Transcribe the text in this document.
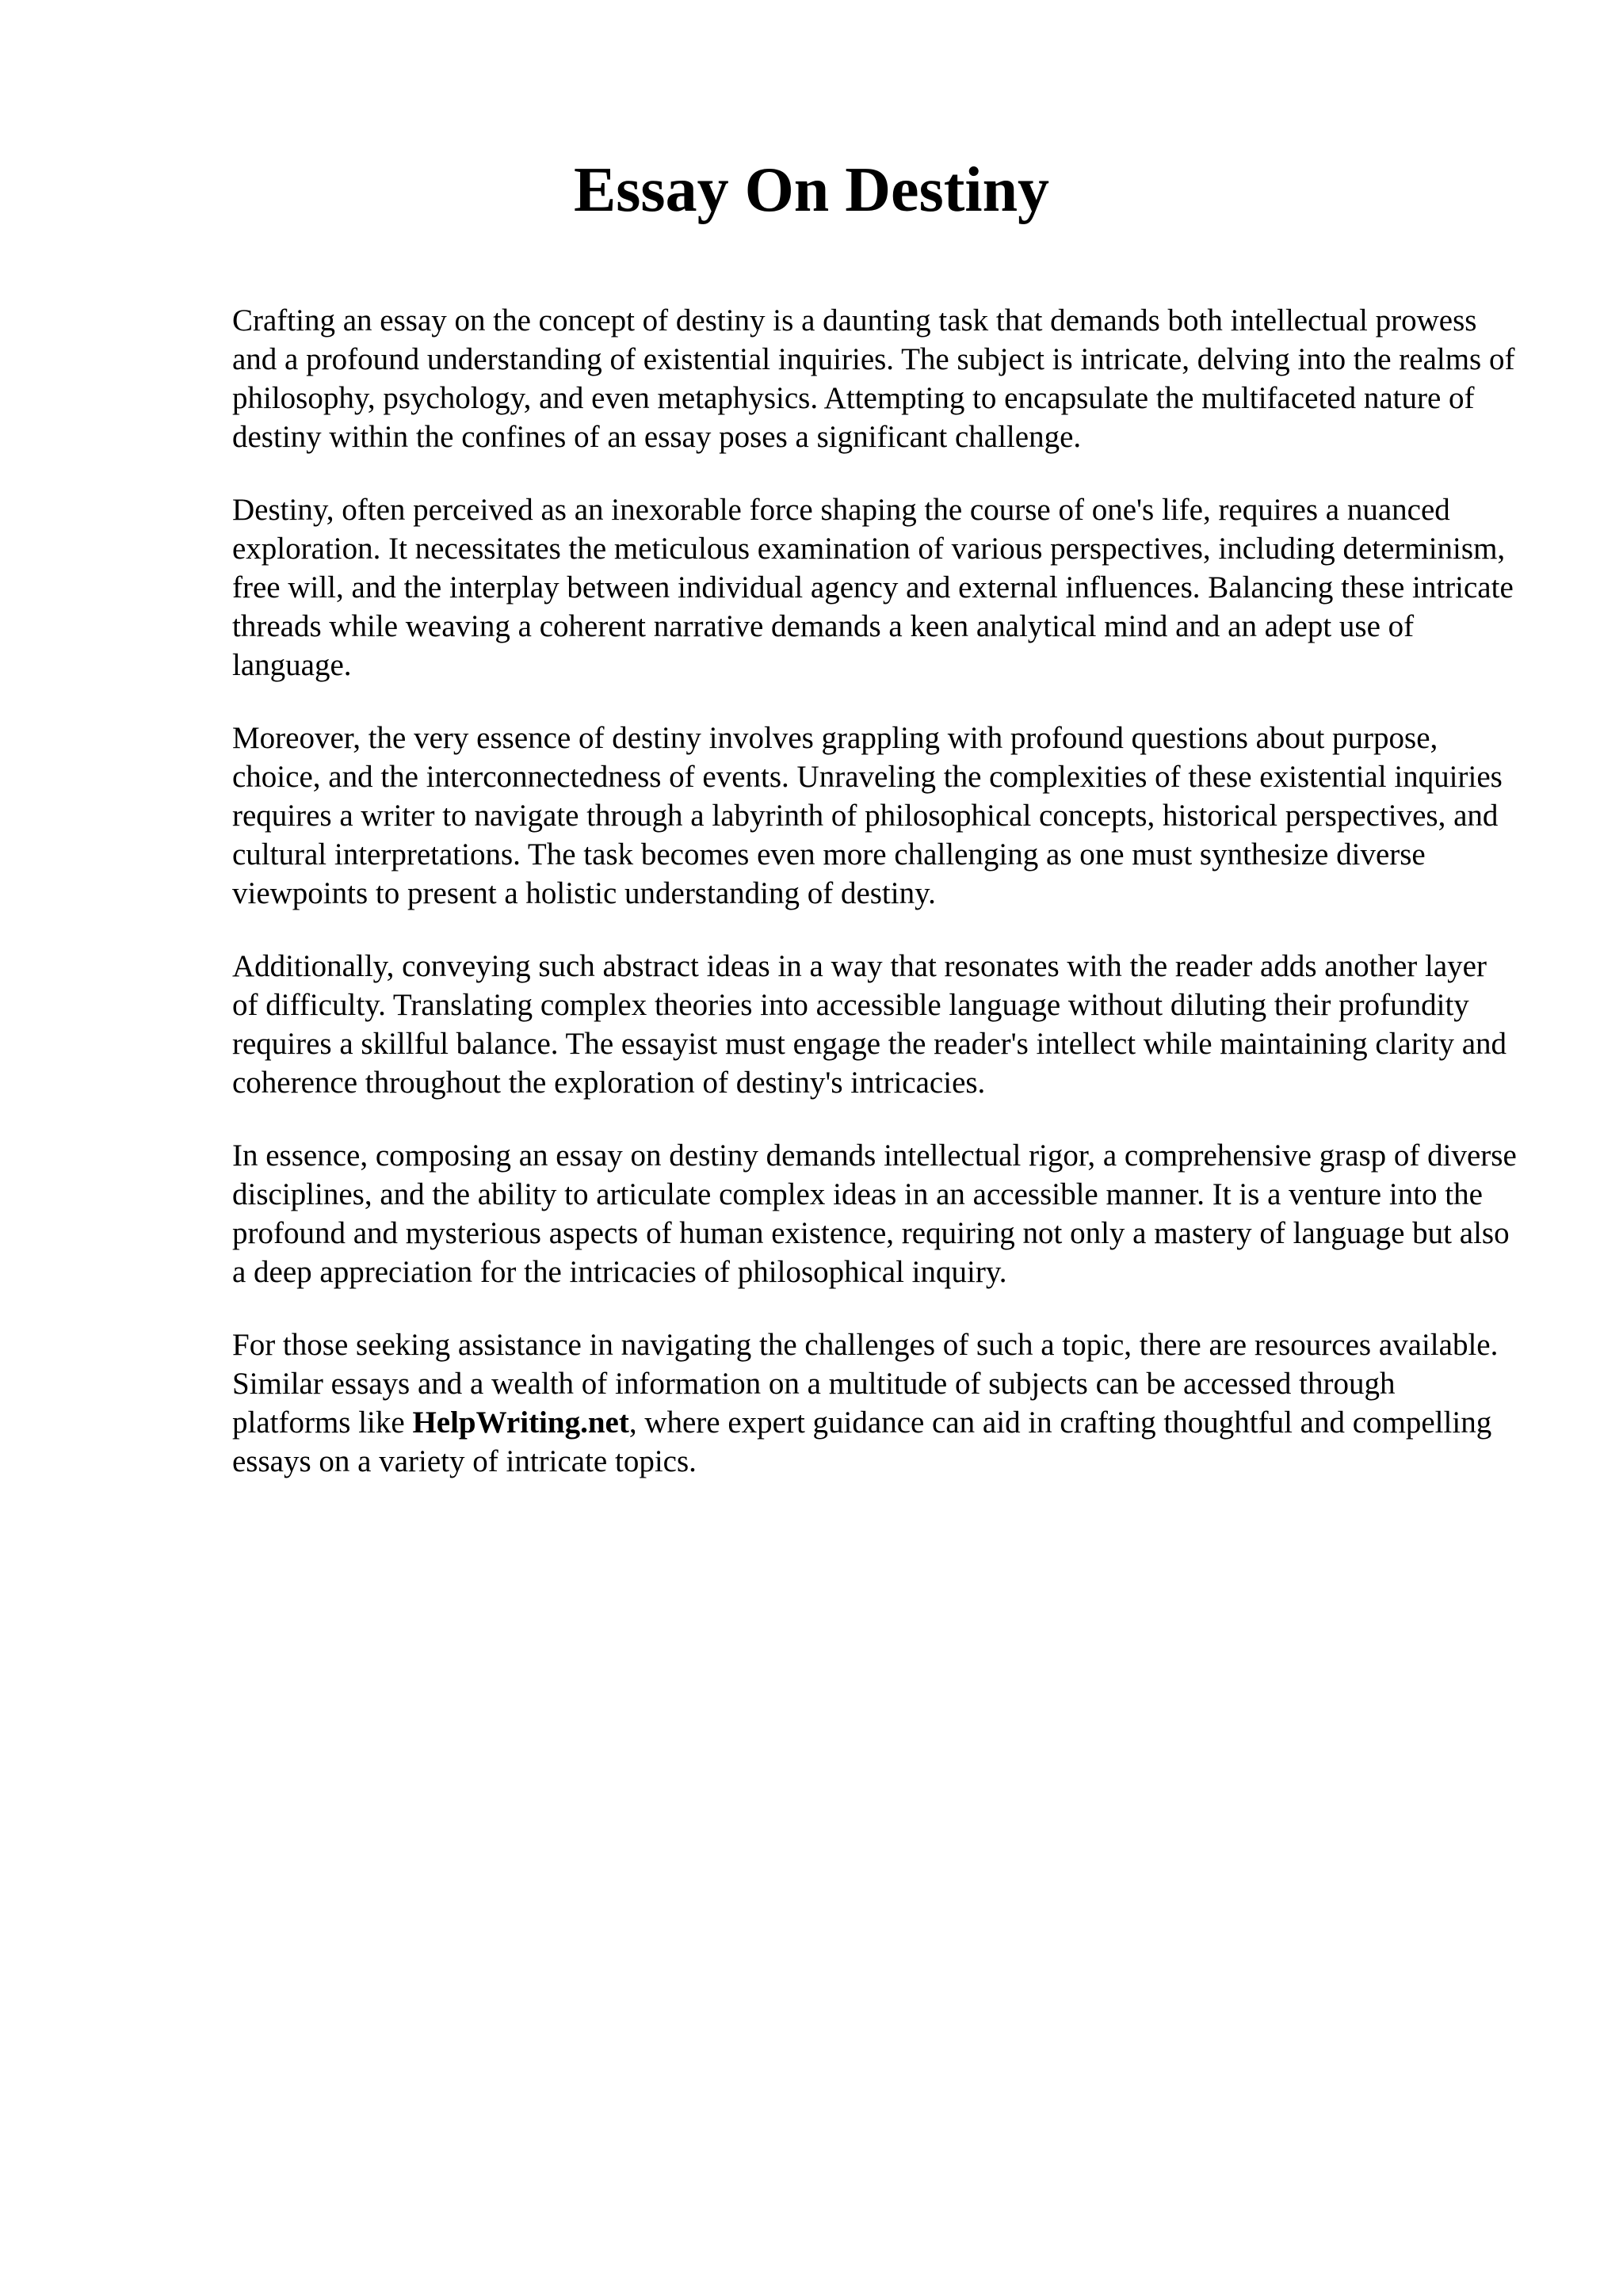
Essay On Destiny

Crafting an essay on the concept of destiny is a daunting task that demands both intellectual prowess and a profound understanding of existential inquiries. The subject is intricate, delving into the realms of philosophy, psychology, and even metaphysics. Attempting to encapsulate the multifaceted nature of destiny within the confines of an essay poses a significant challenge.

Destiny, often perceived as an inexorable force shaping the course of one's life, requires a nuanced exploration. It necessitates the meticulous examination of various perspectives, including determinism, free will, and the interplay between individual agency and external influences. Balancing these intricate threads while weaving a coherent narrative demands a keen analytical mind and an adept use of language.

Moreover, the very essence of destiny involves grappling with profound questions about purpose, choice, and the interconnectedness of events. Unraveling the complexities of these existential inquiries requires a writer to navigate through a labyrinth of philosophical concepts, historical perspectives, and cultural interpretations. The task becomes even more challenging as one must synthesize diverse viewpoints to present a holistic understanding of destiny.

Additionally, conveying such abstract ideas in a way that resonates with the reader adds another layer of difficulty. Translating complex theories into accessible language without diluting their profundity requires a skillful balance. The essayist must engage the reader's intellect while maintaining clarity and coherence throughout the exploration of destiny's intricacies.

In essence, composing an essay on destiny demands intellectual rigor, a comprehensive grasp of diverse disciplines, and the ability to articulate complex ideas in an accessible manner. It is a venture into the profound and mysterious aspects of human existence, requiring not only a mastery of language but also a deep appreciation for the intricacies of philosophical inquiry.

For those seeking assistance in navigating the challenges of such a topic, there are resources available. Similar essays and a wealth of information on a multitude of subjects can be accessed through platforms like HelpWriting.net, where expert guidance can aid in crafting thoughtful and compelling essays on a variety of intricate topics.
